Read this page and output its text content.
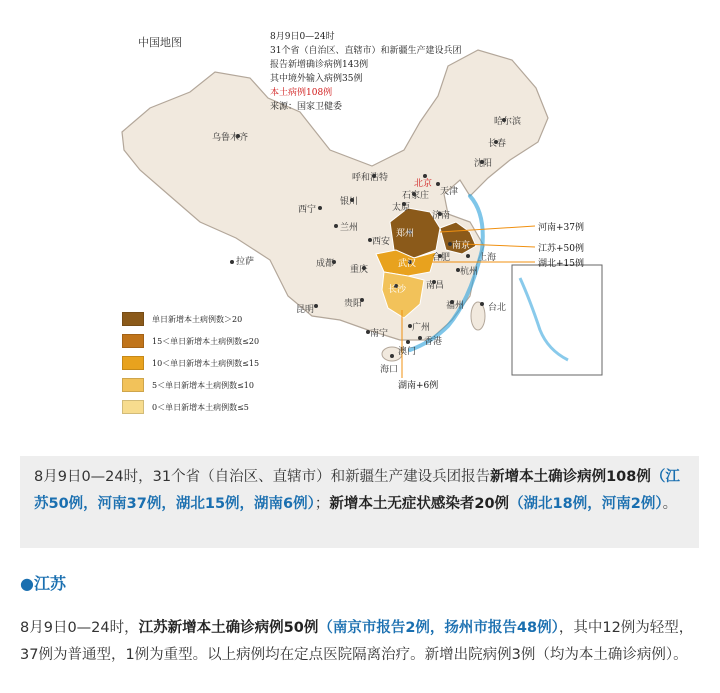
中国地图	8月9日0—24时
31个省（自治区、直辖市）和新疆生产建设兵团
报告新增确诊病例143例
其中境外输入病例35例
本土病例108例
来源：国家卫健委
乌鲁木齐
拉萨
西宁
兰州
银川
呼和浩特
北京
天津
太原
石家庄
济南
西安
郑州
南京
合肥	上海
杭州
武汉
成都
重庆
长沙 南昌
福州
贵阳
昆明
南宁
广州
香港
澳门
海口
台北
哈尔滨
长春
沈阳
河南+37例
江苏+50例
湖北+15例
湖南+6例
单日新增本土病例数＞20
15＜单日新增本土病例数≤20
10＜单日新增本土病例数≤15
5＜单日新增本土病例数≤10
0＜单日新增本土病例数≤5
8月9日0—24时，31个省（自治区、直辖市）和新疆生产建设兵团报告新增本土确诊病例108例（江苏50例，河南37例，湖北15例，湖南6例）；新增本土无症状感染者20例（湖北18例，河南2例）。
●江苏
8月9日0—24时，江苏新增本土确诊病例50例（南京市报告2例，扬州市报告48例），其中12例为轻型，37例为普通型，1例为重型。以上病例均在定点医院隔离治疗。新增出院病例3例（均为本土确诊病例）。
